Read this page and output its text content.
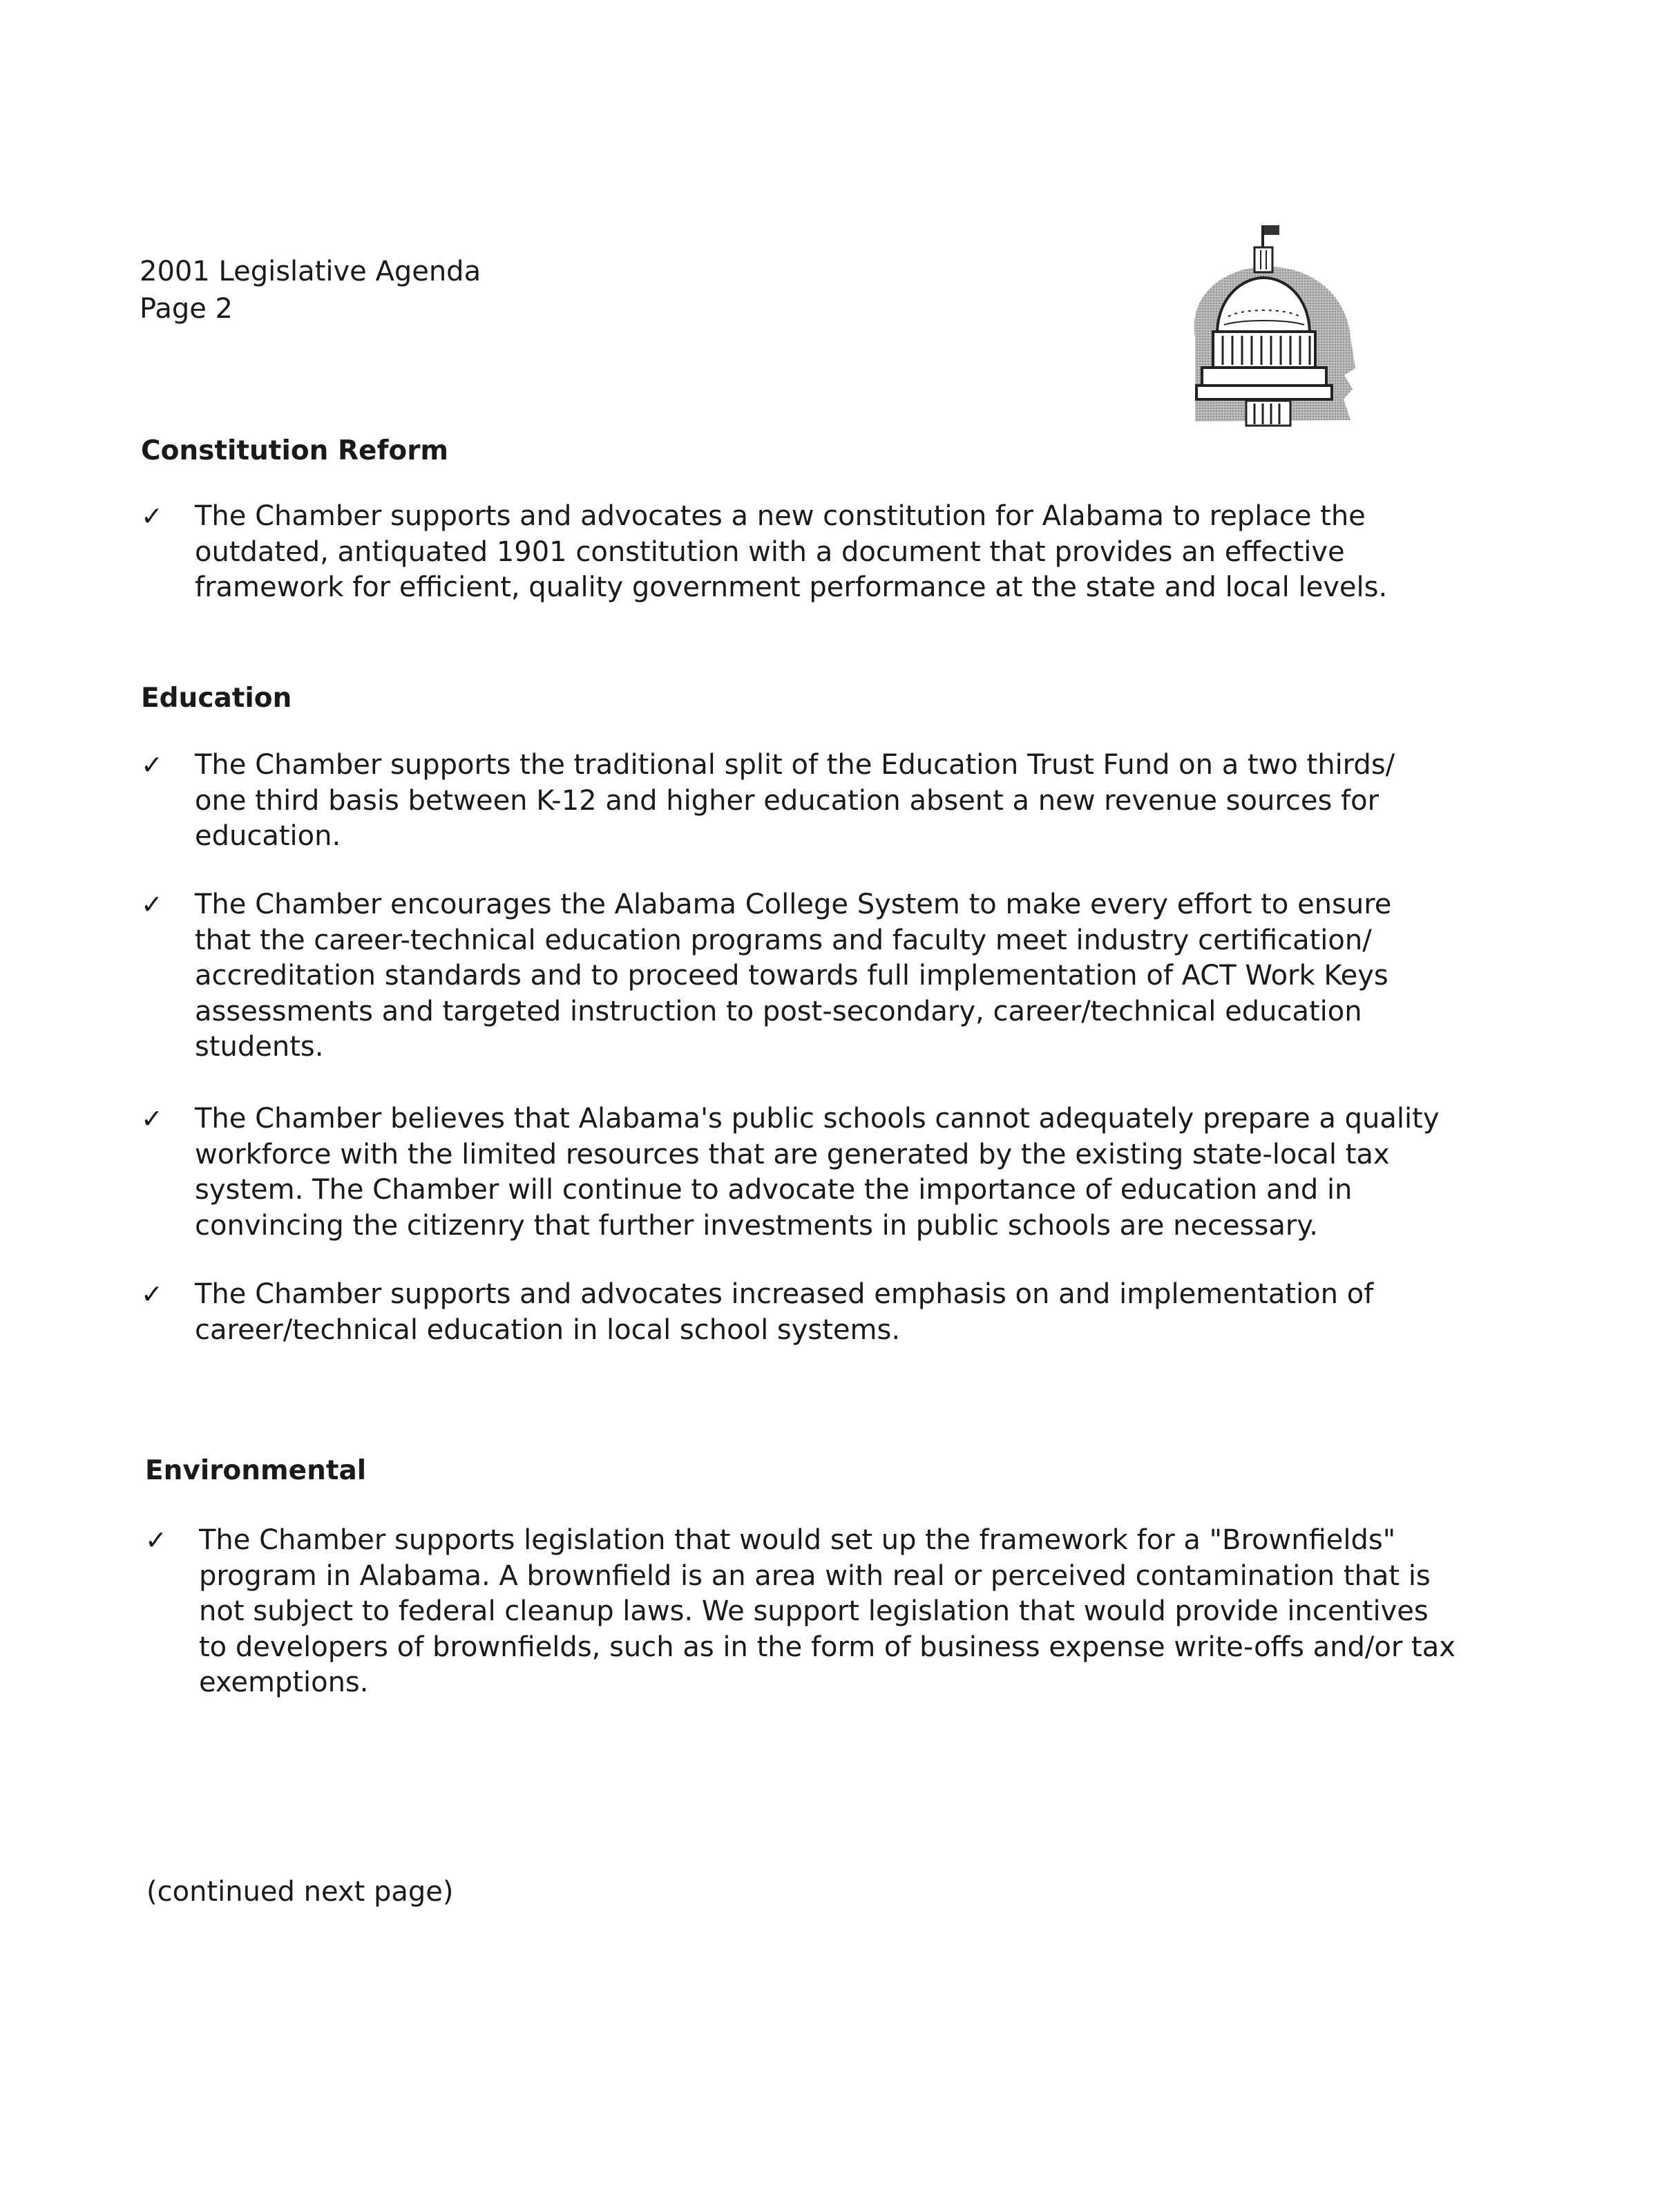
2001 Legislative Agenda
Page 2
Constitution Reform
✓	The Chamber supports and advocates a new constitution for Alabama to replace the outdated, antiquated 1901 constitution with a document that provides an effective framework for efficient, quality government performance at the state and local levels.
Education
✓	The Chamber supports the traditional split of the Education Trust Fund on a two thirds/ one third basis between K-12 and higher education absent a new revenue sources for education.
✓	The Chamber encourages the Alabama College System to make every effort to ensure that the career-technical education programs and faculty meet industry certification/ accreditation standards and to proceed towards full implementation of ACT Work Keys assessments and targeted instruction to post-secondary, career/technical education students.
✓	The Chamber believes that Alabama's public schools cannot adequately prepare a quality workforce with the limited resources that are generated by the existing state-local tax system. The Chamber will continue to advocate the importance of education and in convincing the citizenry that further investments in public schools are necessary.
✓	The Chamber supports and advocates increased emphasis on and implementation of career/technical education in local school systems.
Environmental
✓	The Chamber supports legislation that would set up the framework for a "Brownfields" program in Alabama. A brownfield is an area with real or perceived contamination that is not subject to federal cleanup laws. We support legislation that would provide incentives to developers of brownfields, such as in the form of business expense write-offs and/or tax exemptions.
(continued next page)
